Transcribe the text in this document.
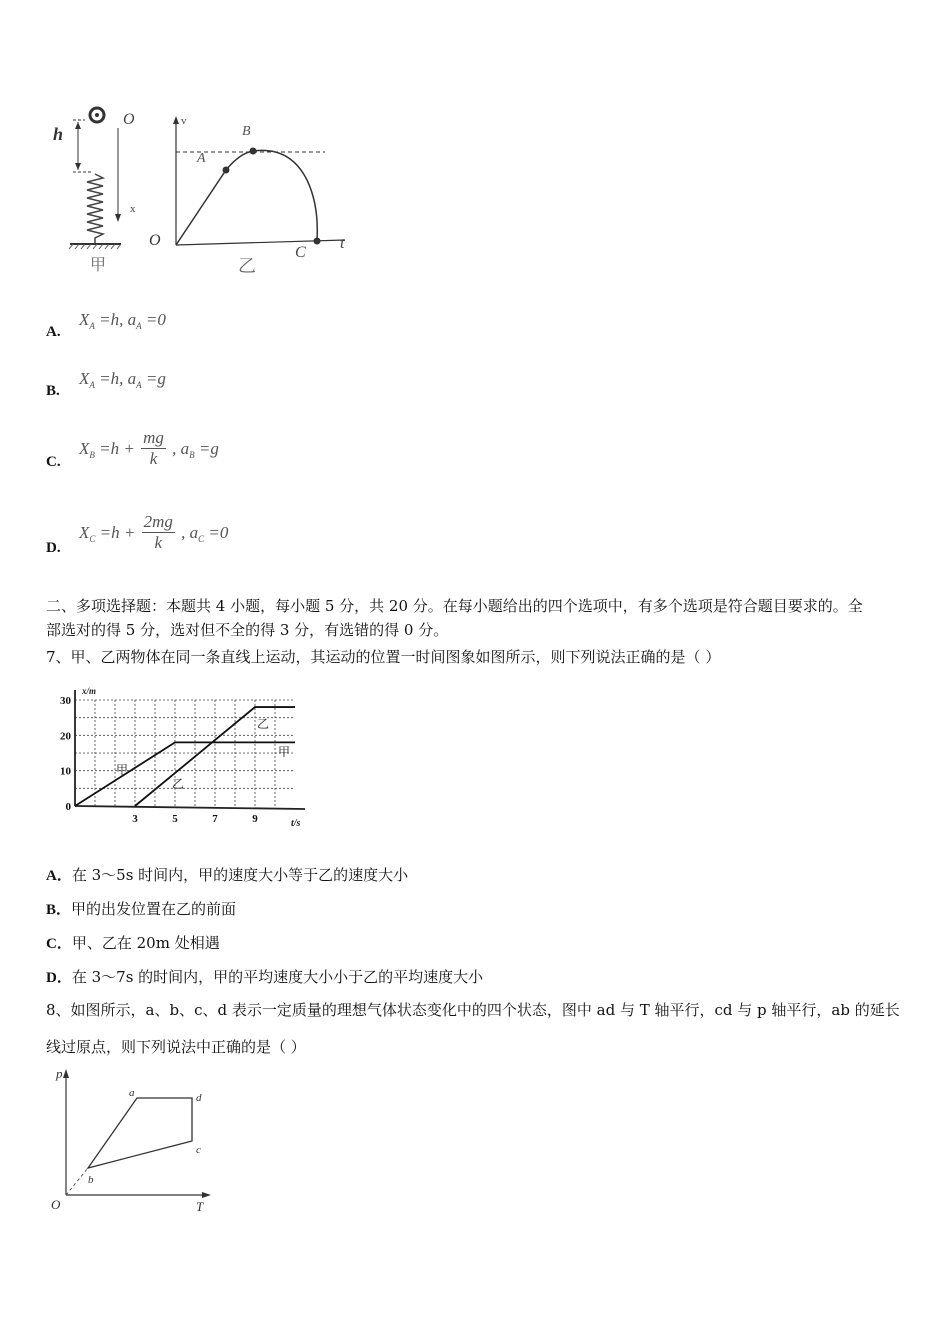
h
O
x
甲
v
t
O
A
B
C
乙
A.
$X_A =h$, $a_A =0$
B.
$X_A =h$, $a_A =g$
C.
$X_B =h + \frac{mg}{k}$ , $a_B =g$
D.
$X_C =h + \frac{2mg}{k}$ , $a_C =0$
二、多项选择题：本题共 4 小题，每小题 5 分，共 20 分。在每小题给出的四个选项中，有多个选项是符合题目要求的。全
部选对的得 5 分，选对但不全的得 3 分，有选错的得 0 分。
7、甲、乙两物体在同一条直线上运动，其运动的位置一时间图象如图所示，则下列说法正确的是（ ）
0
10
20
30
3	5	7	9
x/m
t/s
甲
甲
乙
乙
A．在 3～5s 时间内，甲的速度大小等于乙的速度大小
B．甲的出发位置在乙的前面
C．甲、乙在 20m 处相遇
D．在 3～7s 的时间内，甲的平均速度大小小于乙的平均速度大小
8、如图所示，a、b、c、d 表示一定质量的理想气体状态变化中的四个状态，图中 ad 与 T 轴平行，cd 与 p 轴平行，ab 的延长
线过原点，则下列说法中正确的是（ ）
p
T
O
a
b
c
d
